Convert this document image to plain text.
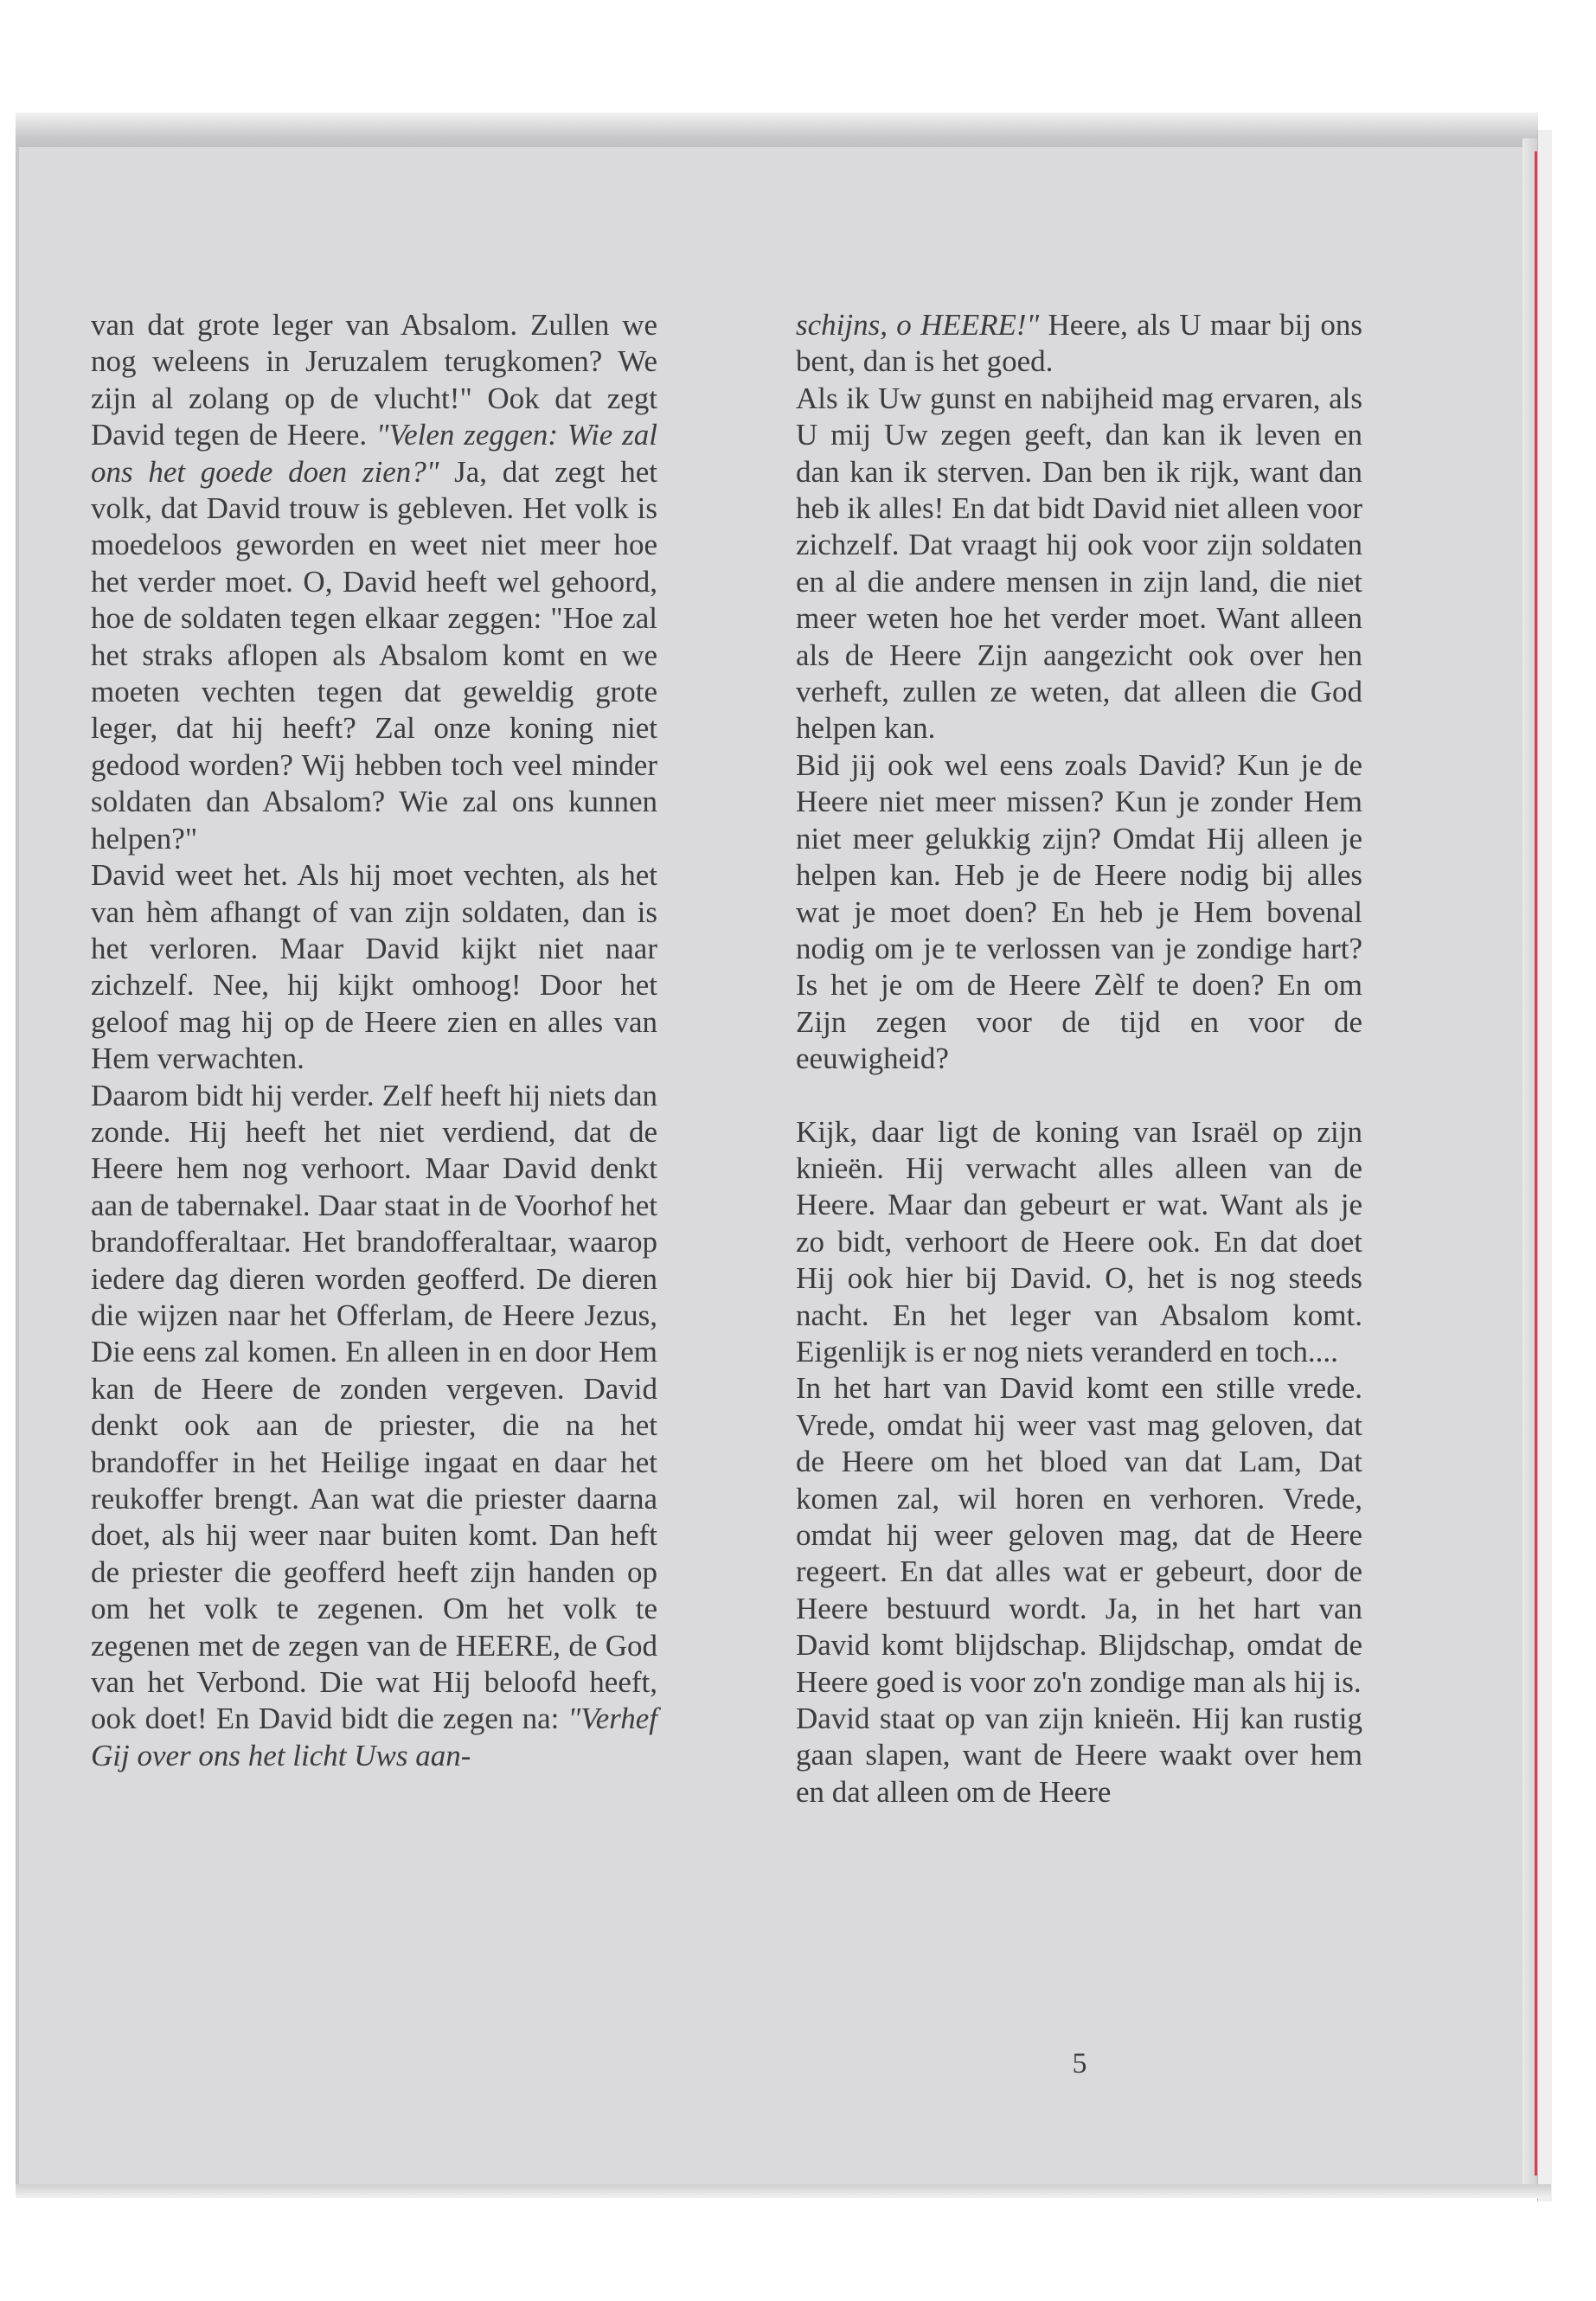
van dat grote leger van Absalom. Zullen we nog weleens in Jeruzalem terugkomen? We zijn al zolang op de vlucht!" Ook dat zegt David tegen de Heere. "Velen zeggen: Wie zal ons het goede doen zien?" Ja, dat zegt het volk, dat David trouw is gebleven. Het volk is moedeloos geworden en weet niet meer hoe het verder moet. O, David heeft wel gehoord, hoe de soldaten tegen elkaar zeggen: "Hoe zal het straks aflopen als Absalom komt en we moeten vechten tegen dat geweldig grote leger, dat hij heeft? Zal onze koning niet gedood worden? Wij hebben toch veel minder soldaten dan Absalom? Wie zal ons kunnen helpen?"

David weet het. Als hij moet vechten, als het van hèm afhangt of van zijn soldaten, dan is het verloren. Maar David kijkt niet naar zichzelf. Nee, hij kijkt omhoog! Door het geloof mag hij op de Heere zien en alles van Hem verwachten.

Daarom bidt hij verder. Zelf heeft hij niets dan zonde. Hij heeft het niet verdiend, dat de Heere hem nog verhoort. Maar David denkt aan de tabernakel. Daar staat in de Voorhof het brandofferaltaar. Het brandofferaltaar, waarop iedere dag dieren worden geofferd. De dieren die wijzen naar het Offerlam, de Heere Jezus, Die eens zal komen. En alleen in en door Hem kan de Heere de zonden vergeven. David denkt ook aan de priester, die na het brandoffer in het Heilige ingaat en daar het reukoffer brengt. Aan wat die priester daarna doet, als hij weer naar buiten komt. Dan heft de priester die geofferd heeft zijn handen op om het volk te zegenen. Om het volk te zegenen met de zegen van de HEERE, de God van het Verbond. Die wat Hij beloofd heeft, ook doet! En David bidt die zegen na: "Verhef Gij over ons het licht Uws aan-

schijns, o HEERE!" Heere, als U maar bij ons bent, dan is het goed.

Als ik Uw gunst en nabijheid mag ervaren, als U mij Uw zegen geeft, dan kan ik leven en dan kan ik sterven. Dan ben ik rijk, want dan heb ik alles! En dat bidt David niet alleen voor zichzelf. Dat vraagt hij ook voor zijn soldaten en al die andere mensen in zijn land, die niet meer weten hoe het verder moet. Want alleen als de Heere Zijn aangezicht ook over hen verheft, zullen ze weten, dat alleen die God helpen kan.

Bid jij ook wel eens zoals David? Kun je de Heere niet meer missen? Kun je zonder Hem niet meer gelukkig zijn? Omdat Hij alleen je helpen kan. Heb je de Heere nodig bij alles wat je moet doen? En heb je Hem bovenal nodig om je te verlossen van je zondige hart? Is het je om de Heere Zèlf te doen? En om Zijn zegen voor de tijd en voor de eeuwigheid?

Kijk, daar ligt de koning van Israël op zijn knieën. Hij verwacht alles alleen van de Heere. Maar dan gebeurt er wat. Want als je zo bidt, verhoort de Heere ook. En dat doet Hij ook hier bij David. O, het is nog steeds nacht. En het leger van Absalom komt. Eigenlijk is er nog niets veranderd en toch....

In het hart van David komt een stille vrede. Vrede, omdat hij weer vast mag geloven, dat de Heere om het bloed van dat Lam, Dat komen zal, wil horen en verhoren. Vrede, omdat hij weer geloven mag, dat de Heere regeert. En dat alles wat er gebeurt, door de Heere bestuurd wordt. Ja, in het hart van David komt blijdschap. Blijdschap, omdat de Heere goed is voor zo'n zondige man als hij is.

David staat op van zijn knieën. Hij kan rustig gaan slapen, want de Heere waakt over hem en dat alleen om de Heere

5
